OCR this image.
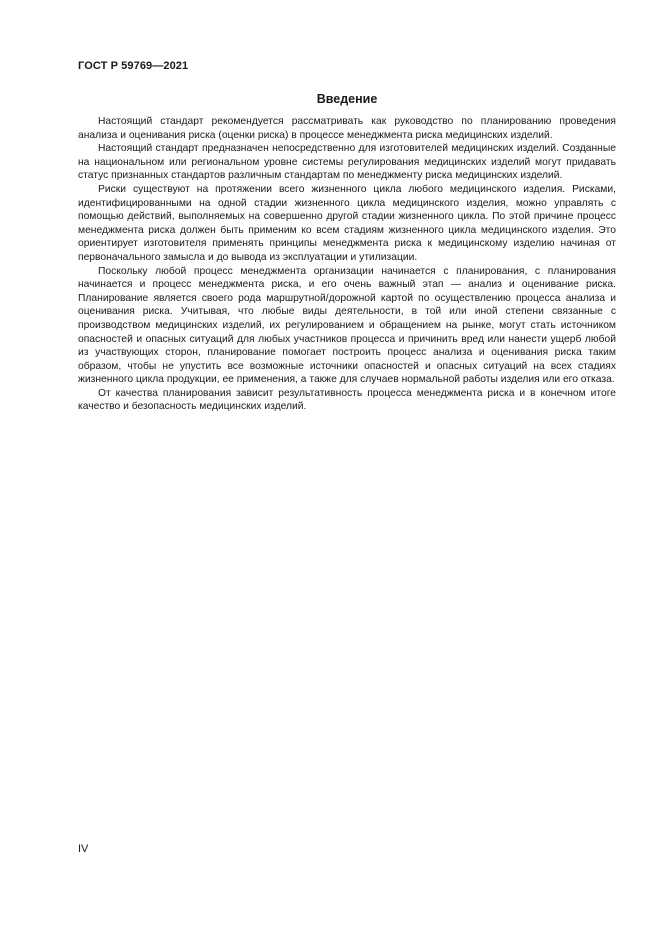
ГОСТ Р 59769—2021
Введение

Настоящий стандарт рекомендуется рассматривать как руководство по планированию проведения анализа и оценивания риска (оценки риска) в процессе менеджмента риска медицинских изделий.

Настоящий стандарт предназначен непосредственно для изготовителей медицинских изделий. Созданные на национальном или региональном уровне системы регулирования медицинских изделий могут придавать статус признанных стандартов различным стандартам по менеджменту риска медицинских изделий.

Риски существуют на протяжении всего жизненного цикла любого медицинского изделия. Рисками, идентифицированными на одной стадии жизненного цикла медицинского изделия, можно управлять с помощью действий, выполняемых на совершенно другой стадии жизненного цикла. По этой причине процесс менеджмента риска должен быть применим ко всем стадиям жизненного цикла медицинского изделия. Это ориентирует изготовителя применять принципы менеджмента риска к медицинскому изделию начиная от первоначального замысла и до вывода из эксплуатации и утилизации.

Поскольку любой процесс менеджмента организации начинается с планирования, с планирования начинается и процесс менеджмента риска, и его очень важный этап — анализ и оценивание риска. Планирование является своего рода маршрутной/дорожной картой по осуществлению процесса анализа и оценивания риска. Учитывая, что любые виды деятельности, в той или иной степени связанные с производством медицинских изделий, их регулированием и обращением на рынке, могут стать источником опасностей и опасных ситуаций для любых участников процесса и причинить вред или нанести ущерб любой из участвующих сторон, планирование помогает построить процесс анализа и оценивания риска таким образом, чтобы не упустить все возможные источники опасностей и опасных ситуаций на всех стадиях жизненного цикла продукции, ее применения, а также для случаев нормальной работы изделия или его отказа.

От качества планирования зависит результативность процесса менеджмента риска и в конечном итоге качество и безопасность медицинских изделий.

IV
